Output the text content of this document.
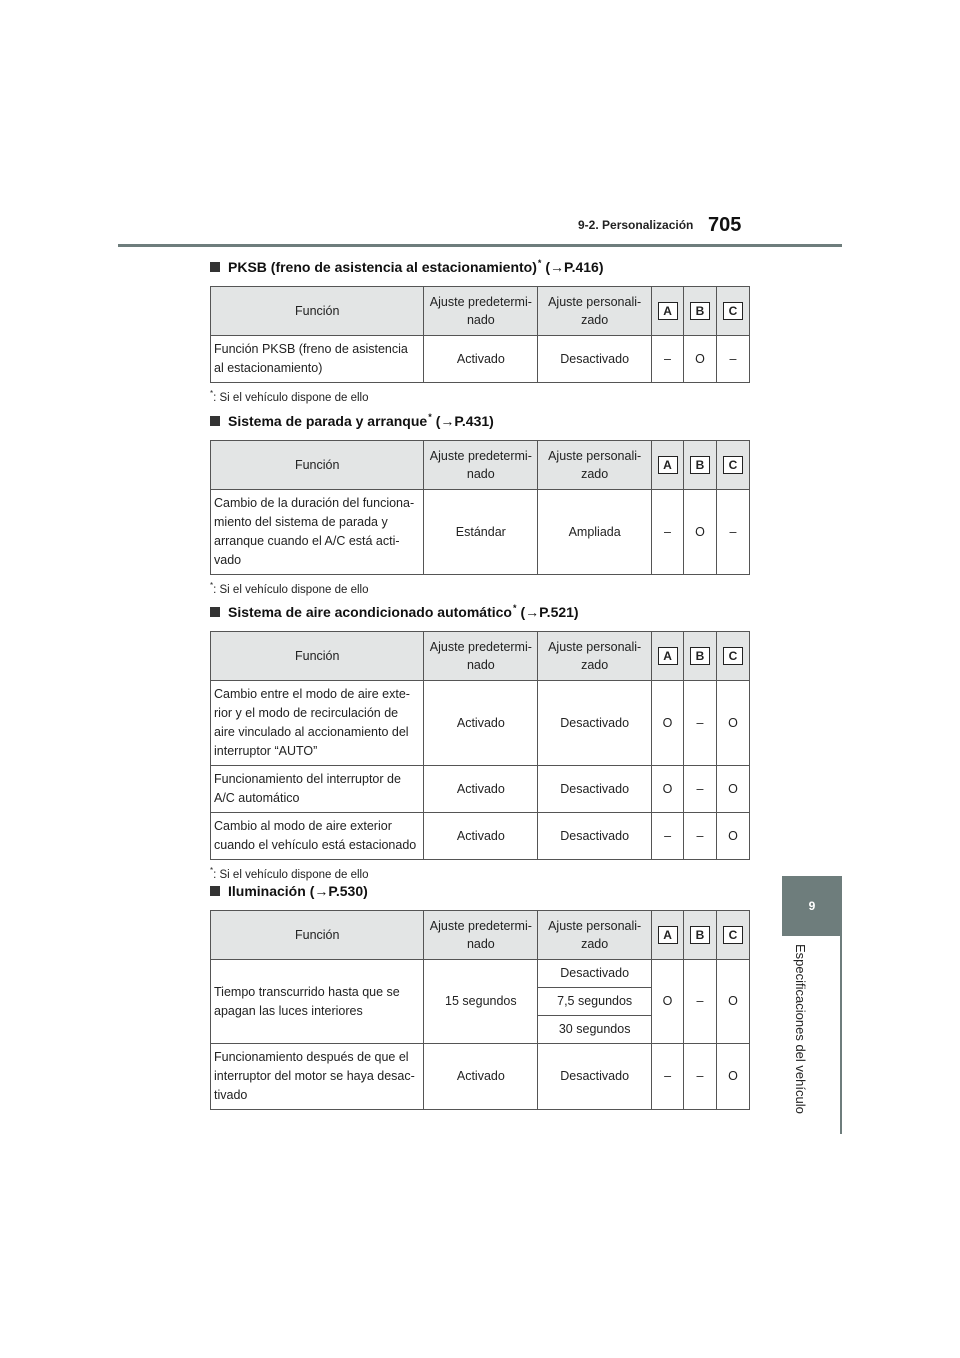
9-2. Personalización 705
9
Especificaciones del vehículo
PKSB (freno de asistencia al estacionamiento)* (→P.416)
Función	Ajuste predetermi-nado	Ajuste personali-zado	A	B	C
Función PKSB (freno de asistencia al estacionamiento)	Activado	Desactivado	–	O	–
*: Si el vehículo dispone de ello
Sistema de parada y arranque* (→P.431)
Función	Ajuste predetermi-nado	Ajuste personali-zado	A	B	C
Cambio de la duración del funciona-miento del sistema de parada y arranque cuando el A/C está acti-vado	Estándar	Ampliada	–	O	–
*: Si el vehículo dispone de ello
Sistema de aire acondicionado automático* (→P.521)
Función	Ajuste predetermi-nado	Ajuste personali-zado	A	B	C
Cambio entre el modo de aire exte-rior y el modo de recirculación de aire vinculado al accionamiento del interruptor “AUTO”	Activado	Desactivado	O	–	O
Funcionamiento del interruptor de A/C automático	Activado	Desactivado	O	–	O
Cambio al modo de aire exterior cuando el vehículo está estacionado	Activado	Desactivado	–	–	O
*: Si el vehículo dispone de ello
Iluminación
(→P.530)
Función	Ajuste predetermi-nado	Ajuste personali-zado	A	B	C
Tiempo transcurrido hasta que se apagan las luces interiores	15 segundos	Desactivado	O	–	O
		7,5 segundos			
		30 segundos			
Funcionamiento después de que el interruptor del motor se haya desac-tivado	Activado	Desactivado	–	–	O
